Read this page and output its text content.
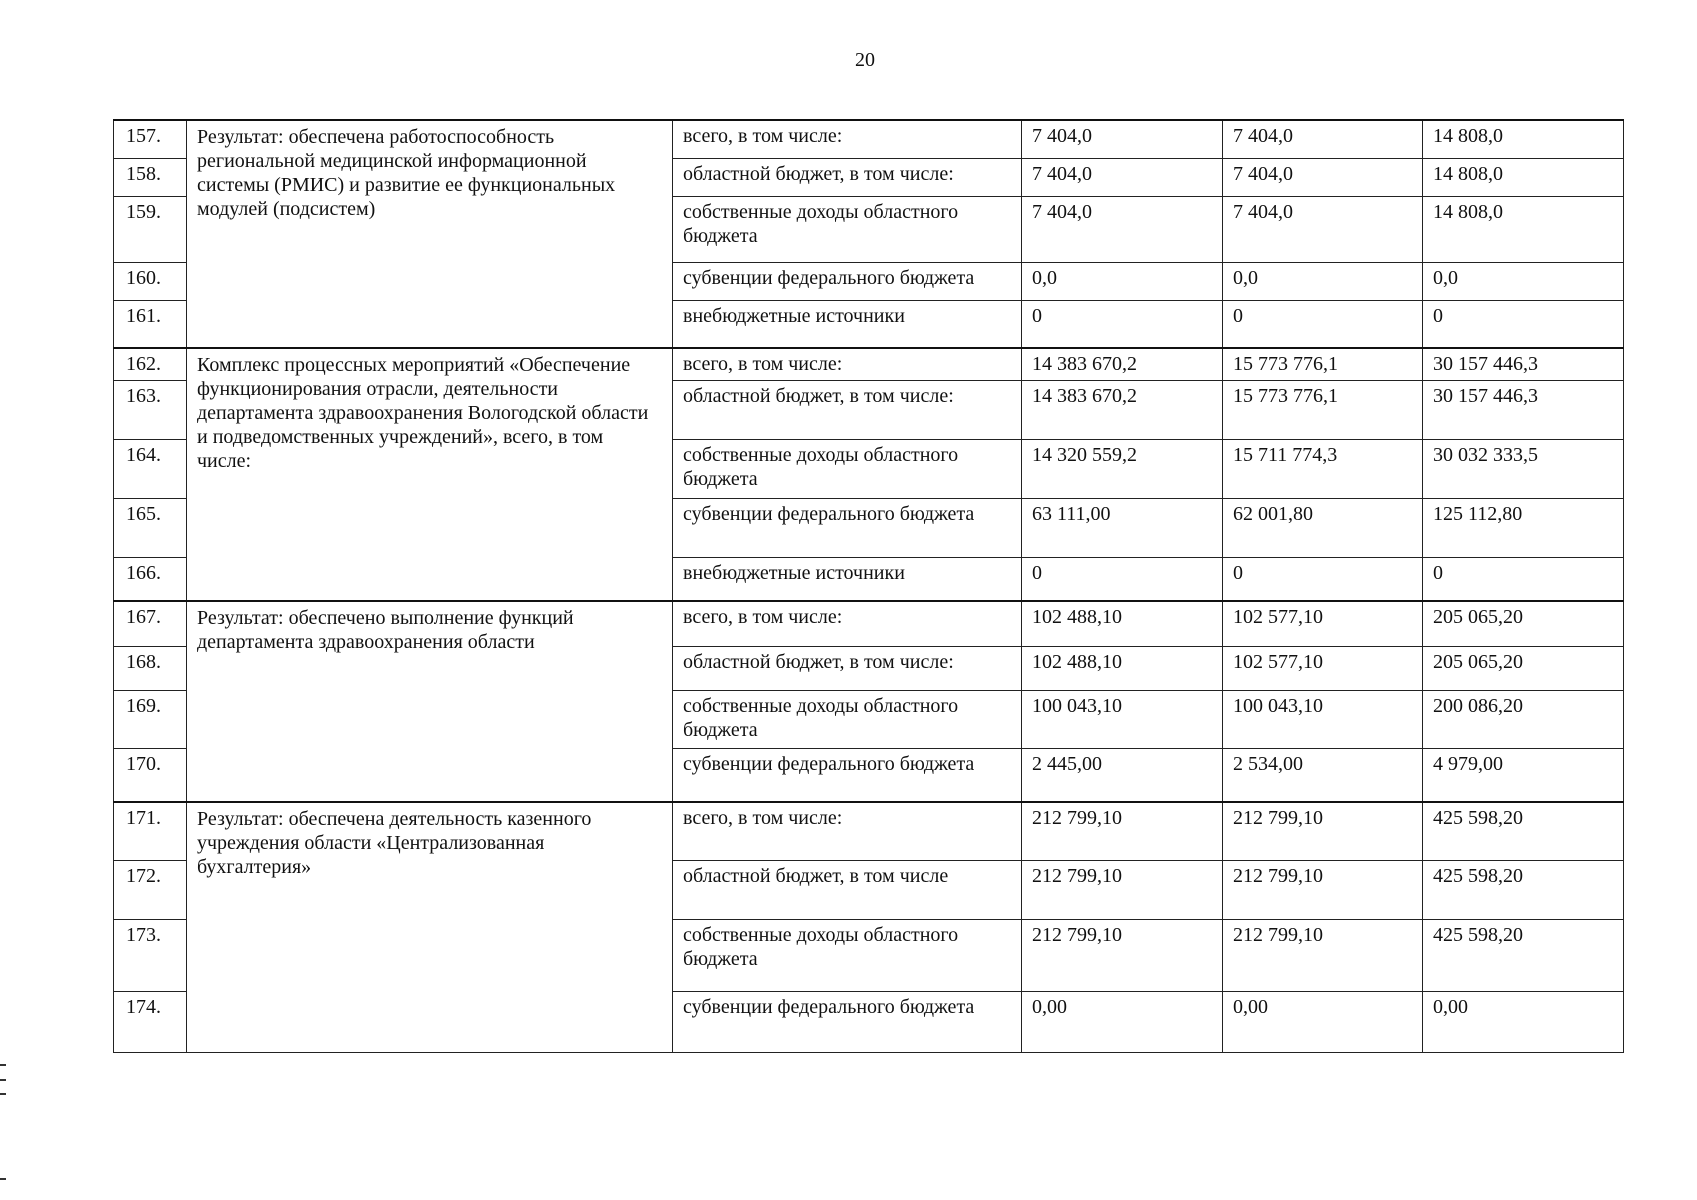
20
157.	Результат: обеспечена работоспособность региональной медицинской информационной системы (РМИС) и развитие ее функциональных модулей (подсистем)	всего, в том числе:	7 404,0	7 404,0	14 808,0
158.		областной бюджет, в том числе:	7 404,0	7 404,0	14 808,0
159.		собственные доходы областного бюджета	7 404,0	7 404,0	14 808,0
160.		субвенции федерального бюджета	0,0	0,0	0,0
161.		внебюджетные источники	0	0	0
162.	Комплекс процессных мероприятий «Обеспечение функционирования отрасли, деятельности департамента здравоохранения Вологодской области и подведомственных учреждений», всего, в том числе:	всего, в том числе:	14 383 670,2	15 773 776,1	30 157 446,3
163.		областной бюджет, в том числе:	14 383 670,2	15 773 776,1	30 157 446,3
164.		собственные доходы областного бюджета	14 320 559,2	15 711 774,3	30 032 333,5
165.		субвенции федерального бюджета	63 111,00	62 001,80	125 112,80
166.		внебюджетные источники	0	0	0
167.	Результат: обеспечено выполнение функций департамента здравоохранения области	всего, в том числе:	102 488,10	102 577,10	205 065,20
168.		областной бюджет, в том числе:	102 488,10	102 577,10	205 065,20
169.		собственные доходы областного бюджета	100 043,10	100 043,10	200 086,20
170.		субвенции федерального бюджета	2 445,00	2 534,00	4 979,00
171.	Результат: обеспечена деятельность казенного учреждения области «Централизованная бухгалтерия»	всего, в том числе:	212 799,10	212 799,10	425 598,20
172.		областной бюджет, в том числе	212 799,10	212 799,10	425 598,20
173.		собственные доходы областного бюджета	212 799,10	212 799,10	425 598,20
174.		субвенции федерального бюджета	0,00	0,00	0,00
